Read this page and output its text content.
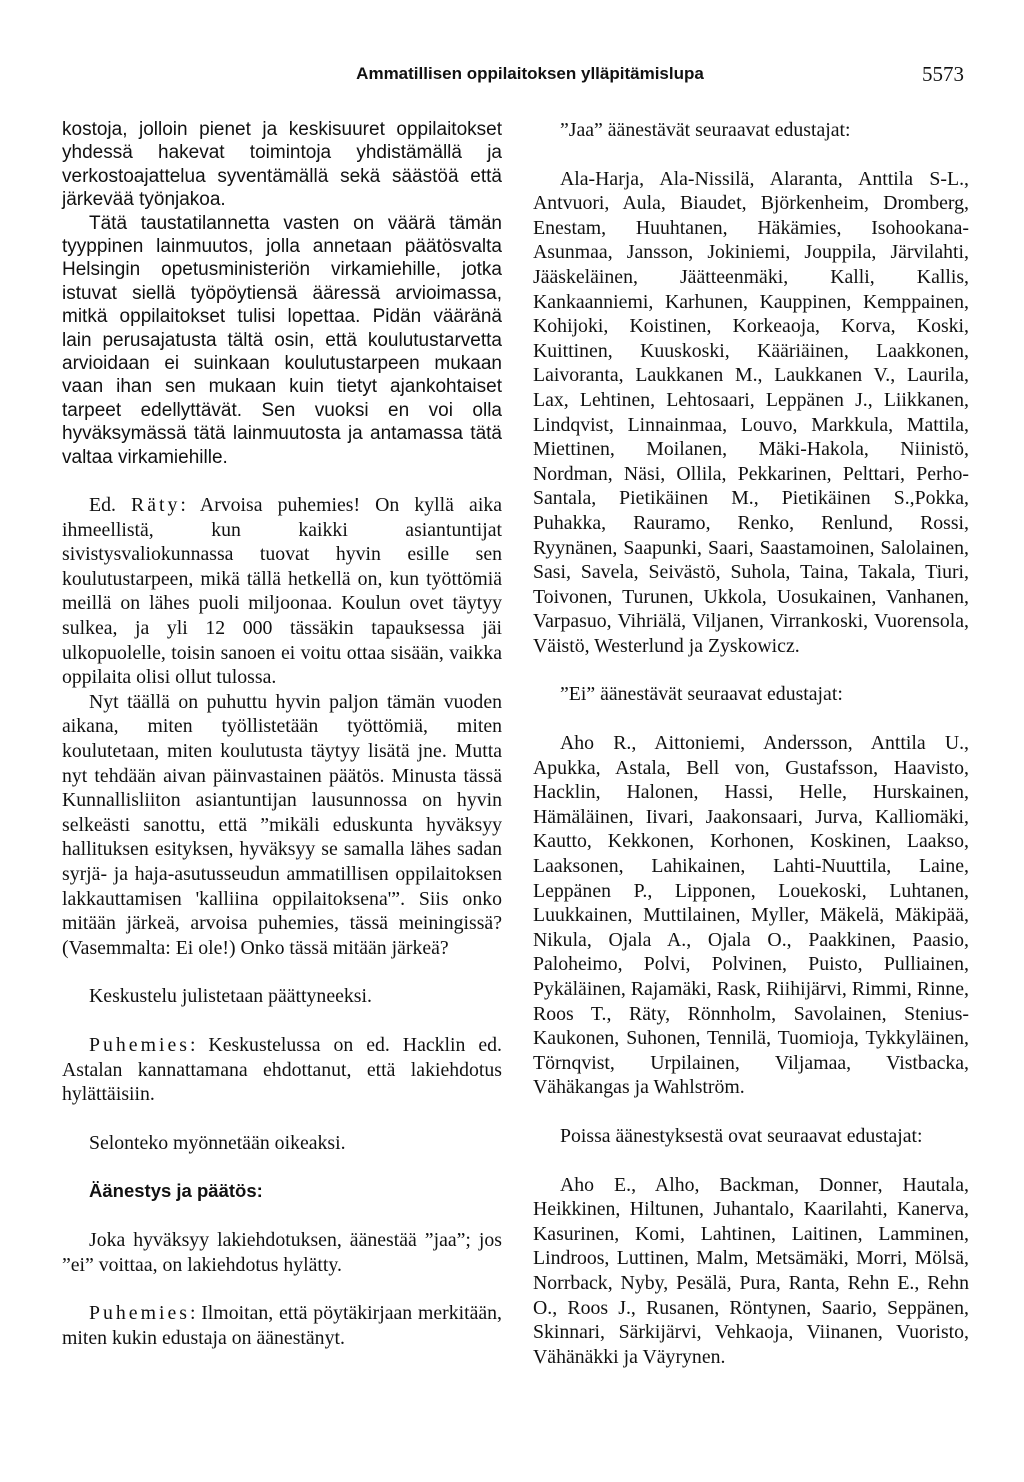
Ammatillisen oppilaitoksen ylläpitämislupa	5573

kostoja, jolloin pienet ja keskisuuret oppilaitokset yhdessä hakevat toimintoja yhdistämällä ja verkostoajattelua syventämällä sekä säästöä että järkevää työnjakoa.

Tätä taustatilannetta vasten on väärä tämän tyyppinen lainmuutos, jolla annetaan päätösvalta Helsingin opetusministeriön virkamiehille, jotka istuvat siellä työpöytiensä ääressä arvioimassa, mitkä oppilaitokset tulisi lopettaa. Pidän vääränä lain perusajatusta tältä osin, että koulutustarvetta arvioidaan ei suinkaan koulutustarpeen mukaan vaan ihan sen mukaan kuin tietyt ajankohtaiset tarpeet edellyttävät. Sen vuoksi en voi olla hyväksymässä tätä lainmuutosta ja antamassa tätä valtaa virkamiehille.

Ed. Räty: Arvoisa puhemies! On kyllä aika ihmeellistä, kun kaikki asiantuntijat sivistysvaliokunnassa tuovat hyvin esille sen koulutustarpeen, mikä tällä hetkellä on, kun työttömiä meillä on lähes puoli miljoonaa. Koulun ovet täytyy sulkea, ja yli 12 000 tässäkin tapauksessa jäi ulkopuolelle, toisin sanoen ei voitu ottaa sisään, vaikka oppilaita olisi ollut tulossa.

Nyt täällä on puhuttu hyvin paljon tämän vuoden aikana, miten työllistetään työttömiä, miten koulutetaan, miten koulutusta täytyy lisätä jne. Mutta nyt tehdään aivan päinvastainen päätös. Minusta tässä Kunnallisliiton asiantuntijan lausunnossa on hyvin selkeästi sanottu, että ”mikäli eduskunta hyväksyy hallituksen esityksen, hyväksyy se samalla lähes sadan syrjä- ja haja-asutusseudun ammatillisen oppilaitoksen lakkauttamisen 'kalliina oppilaitoksena'”. Siis onko mitään järkeä, arvoisa puhemies, tässä meiningissä? (Vasemmalta: Ei ole!) Onko tässä mitään järkeä?

Keskustelu julistetaan päättyneeksi.

Puhemies: Keskustelussa on ed. Hacklin ed. Astalan kannattamana ehdottanut, että lakiehdotus hylättäisiin.

Selonteko myönnetään oikeaksi.

Äänestys ja päätös:

Joka hyväksyy lakiehdotuksen, äänestää ”jaa”; jos ”ei” voittaa, on lakiehdotus hylätty.

Puhemies: Ilmoitan, että pöytäkirjaan merkitään, miten kukin edustaja on äänestänyt.

”Jaa” äänestävät seuraavat edustajat:

Ala-Harja, Ala-Nissilä, Alaranta, Anttila S-L., Antvuori, Aula, Biaudet, Björkenheim, Dromberg, Enestam, Huuhtanen, Häkämies, Isohookana-Asunmaa, Jansson, Jokiniemi, Jouppila, Järvilahti, Jääskeläinen, Jäätteenmäki, Kalli, Kallis, Kankaanniemi, Karhunen, Kauppinen, Kemppainen, Kohijoki, Koistinen, Korkeaoja, Korva, Koski, Kuittinen, Kuuskoski, Kääriäinen, Laakkonen, Laivoranta, Laukkanen M., Laukkanen V., Laurila, Lax, Lehtinen, Lehtosaari, Leppänen J., Liikkanen, Lindqvist, Linnainmaa, Louvo, Markkula, Mattila, Miettinen, Moilanen, Mäki-Hakola, Niinistö, Nordman, Näsi, Ollila, Pekkarinen, Pelttari, Perho-Santala, Pietikäinen M., Pietikäinen S.,Pokka, Puhakka, Rauramo, Renko, Renlund, Rossi, Ryynänen, Saapunki, Saari, Saastamoinen, Salolainen, Sasi, Savela, Seivästö, Suhola, Taina, Takala, Tiuri, Toivonen, Turunen, Ukkola, Uosukainen, Vanhanen, Varpasuo, Vihriälä, Viljanen, Virrankoski, Vuorensola, Väistö, Westerlund ja Zyskowicz.

”Ei” äänestävät seuraavat edustajat:

Aho R., Aittoniemi, Andersson, Anttila U., Apukka, Astala, Bell von, Gustafsson, Haavisto, Hacklin, Halonen, Hassi, Helle, Hurskainen, Hämäläinen, Iivari, Jaakonsaari, Jurva, Kalliomäki, Kautto, Kekkonen, Korhonen, Koskinen, Laakso, Laaksonen, Lahikainen, Lahti-Nuuttila, Laine, Leppänen P., Lipponen, Louekoski, Luhtanen, Luukkainen, Muttilainen, Myller, Mäkelä, Mäkipää, Nikula, Ojala A., Ojala O., Paakkinen, Paasio, Paloheimo, Polvi, Polvinen, Puisto, Pulliainen, Pykäläinen, Rajamäki, Rask, Riihijärvi, Rimmi, Rinne, Roos T., Räty, Rönnholm, Savolainen, Stenius-Kaukonen, Suhonen, Tennilä, Tuomioja, Tykkyläinen, Törnqvist, Urpilainen, Viljamaa, Vistbacka, Vähäkangas ja Wahlström.

Poissa äänestyksestä ovat seuraavat edustajat:

Aho E., Alho, Backman, Donner, Hautala, Heikkinen, Hiltunen, Juhantalo, Kaarilahti, Kanerva, Kasurinen, Komi, Lahtinen, Laitinen, Lamminen, Lindroos, Luttinen, Malm, Metsämäki, Morri, Mölsä, Norrback, Nyby, Pesälä, Pura, Ranta, Rehn E., Rehn O., Roos J., Rusanen, Röntynen, Saario, Seppänen, Skinnari, Särkijärvi, Vehkaoja, Viinanen, Vuoristo, Vähänäkki ja Väyrynen.
